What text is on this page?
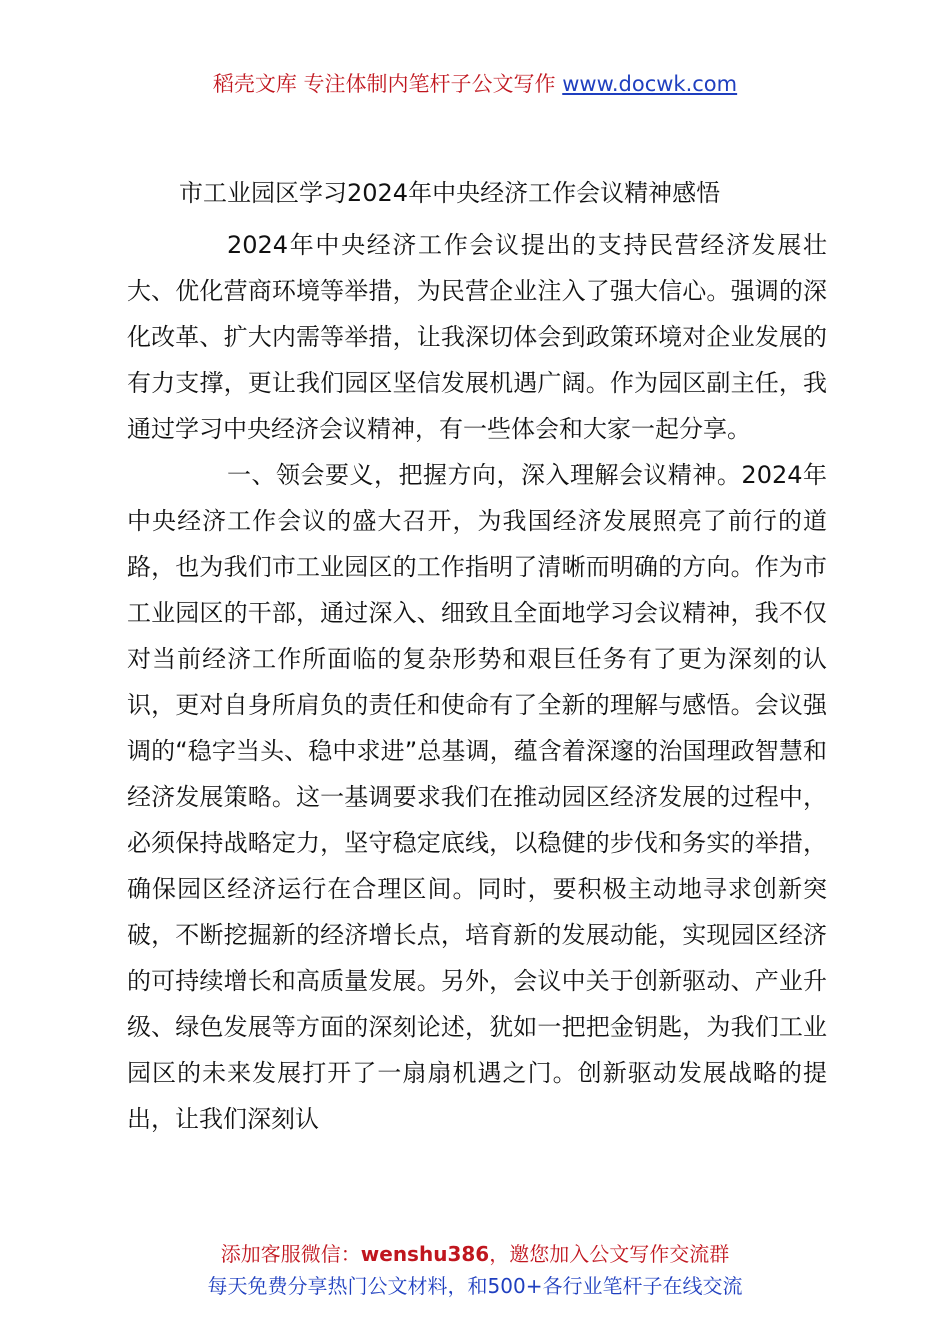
稻壳文库 专注体制内笔杆子公文写作 www.docwk.com
市工业园区学习2024年中央经济工作会议精神感悟

2024年中央经济工作会议提出的支持民营经济发展壮大、优化营商环境等举措，为民营企业注入了强大信心。强调的深化改革、扩大内需等举措，让我深切体会到政策环境对企业发展的有力支撑，更让我们园区坚信发展机遇广阔。作为园区副主任，我通过学习中央经济会议精神，有一些体会和大家一起分享。

一、领会要义，把握方向，深入理解会议精神。2024年中央经济工作会议的盛大召开，为我国经济发展照亮了前行的道路，也为我们市工业园区的工作指明了清晰而明确的方向。作为市工业园区的干部，通过深入、细致且全面地学习会议精神，我不仅对当前经济工作所面临的复杂形势和艰巨任务有了更为深刻的认识，更对自身所肩负的责任和使命有了全新的理解与感悟。会议强调的“稳字当头、稳中求进”总基调，蕴含着深邃的治国理政智慧和经济发展策略。这一基调要求我们在推动园区经济发展的过程中，必须保持战略定力，坚守稳定底线，以稳健的步伐和务实的举措，确保园区经济运行在合理区间。同时，要积极主动地寻求创新突破，不断挖掘新的经济增长点，培育新的发展动能，实现园区经济的可持续增长和高质量发展。另外，会议中关于创新驱动、产业升级、绿色发展等方面的深刻论述，犹如一把把金钥匙，为我们工业园区的未来发展打开了一扇扇机遇之门。创新驱动发展战略的提出，让我们深刻认

添加客服微信：wenshu386，邀您加入公文写作交流群
每天免费分享热门公文材料，和500+各行业笔杆子在线交流
